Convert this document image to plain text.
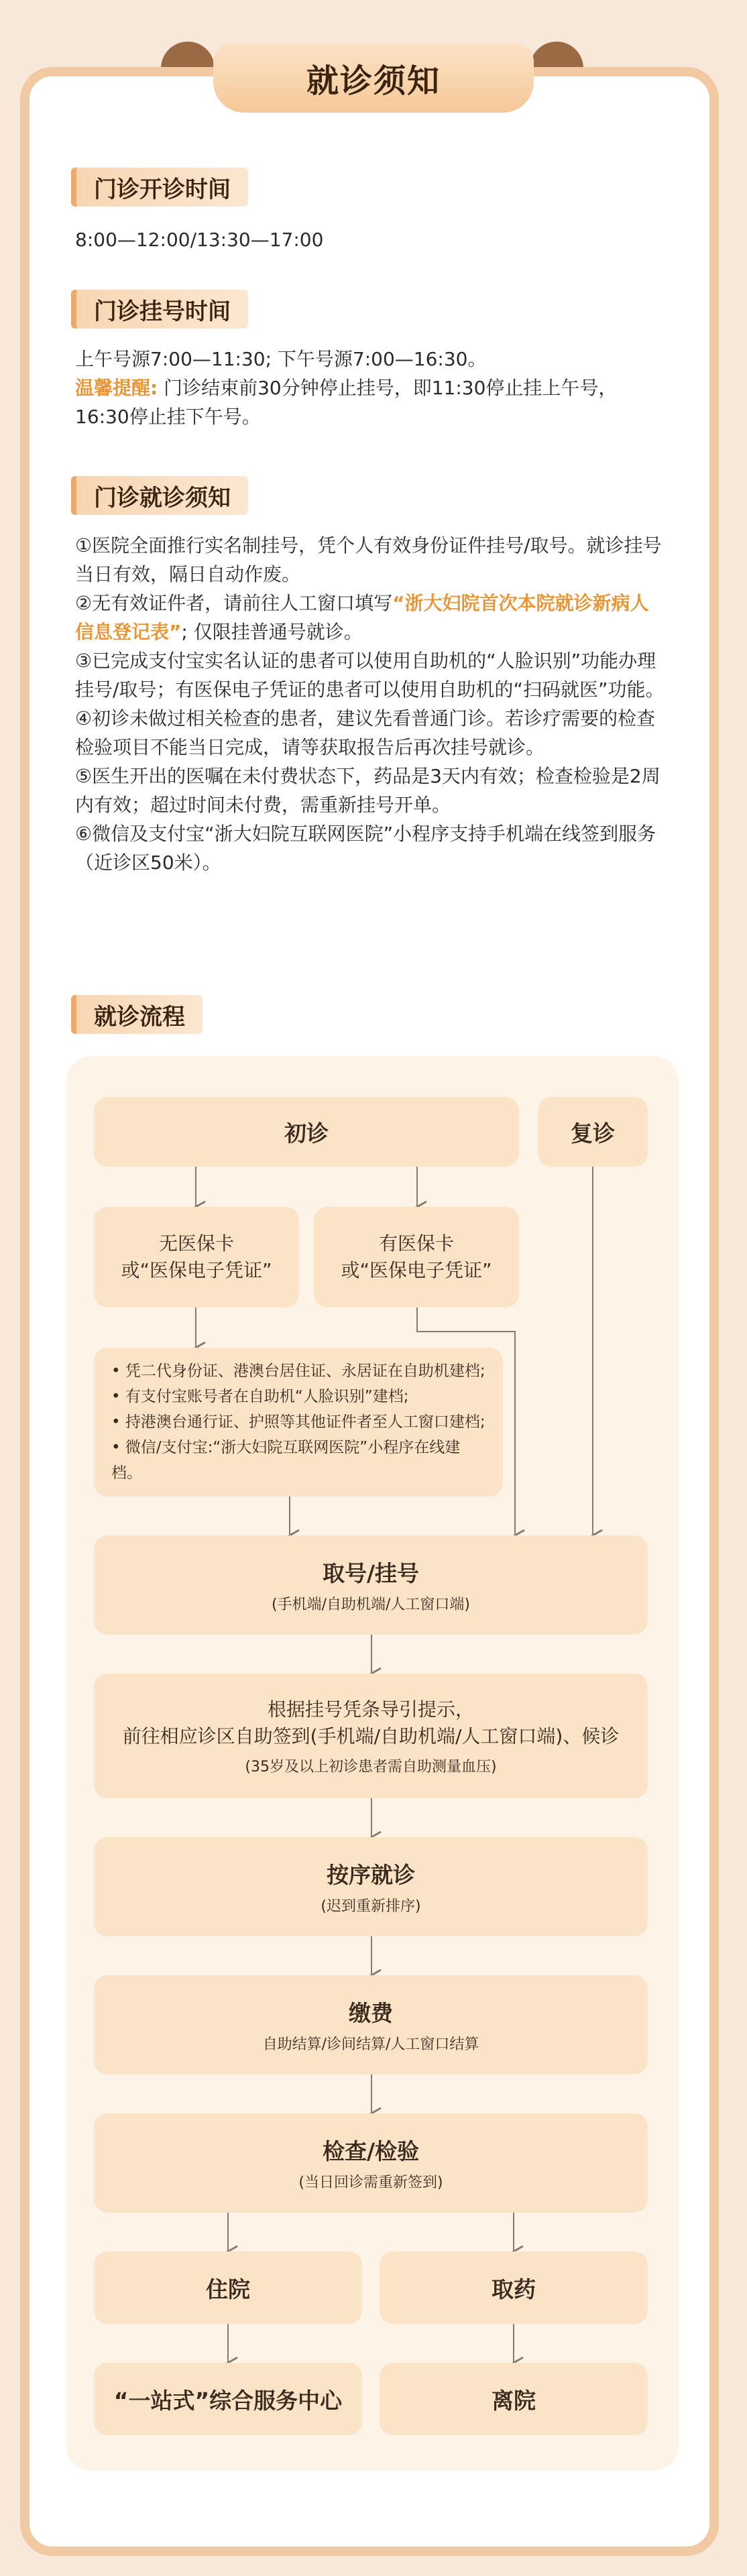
就诊须知
门诊开诊时间

8:00—12:00/13:30—17:00

门诊挂号时间

上午号源7:00—11:30; 下午号源7:00—16:30。

温馨提醒: 门诊结束前30分钟停止挂号，即11:30停止挂上午号，

16:30停止挂下午号。

门诊就诊须知

①医院全面推行实名制挂号，凭个人有效身份证件挂号/取号。就诊挂号当日有效，隔日自动作废。

②无有效证件者，请前往人工窗口填写“浙大妇院首次本院就诊新病人信息登记表”; 仅限挂普通号就诊。

③已完成支付宝实名认证的患者可以使用自助机的“人脸识别”功能办理挂号/取号；有医保电子凭证的患者可以使用自助机的“扫码就医”功能。

④初诊未做过相关检查的患者，建议先看普通门诊。若诊疗需要的检查检验项目不能当日完成，请等获取报告后再次挂号就诊。

⑤医生开出的医嘱在未付费状态下，药品是3天内有效；检查检验是2周内有效；超过时间未付费，需重新挂号开单。

⑥微信及支付宝“浙大妇院互联网医院”小程序支持手机端在线签到服务（近诊区50米）。

就诊流程
初诊	复诊
无医保卡
或“医保电子凭证”
有医保卡
或“医保电子凭证”
• 凭二代身份证、港澳台居住证、永居证在自助机建档;
• 有支付宝账号者在自助机“人脸识别”建档;
• 持港澳台通行证、护照等其他证件者至人工窗口建档;
• 微信/支付宝:“浙大妇院互联网医院”小程序在线建档。
取号/挂号
(手机端/自助机端/人工窗口端)
根据挂号凭条导引提示，
前往相应诊区自助签到(手机端/自助机端/人工窗口端)、候诊
(35岁及以上初诊患者需自助测量血压)
按序就诊
(迟到重新排序)
缴费
自助结算/诊间结算/人工窗口结算
检查/检验
(当日回诊需重新签到)
住院	取药
“一站式”综合服务中心	离院
